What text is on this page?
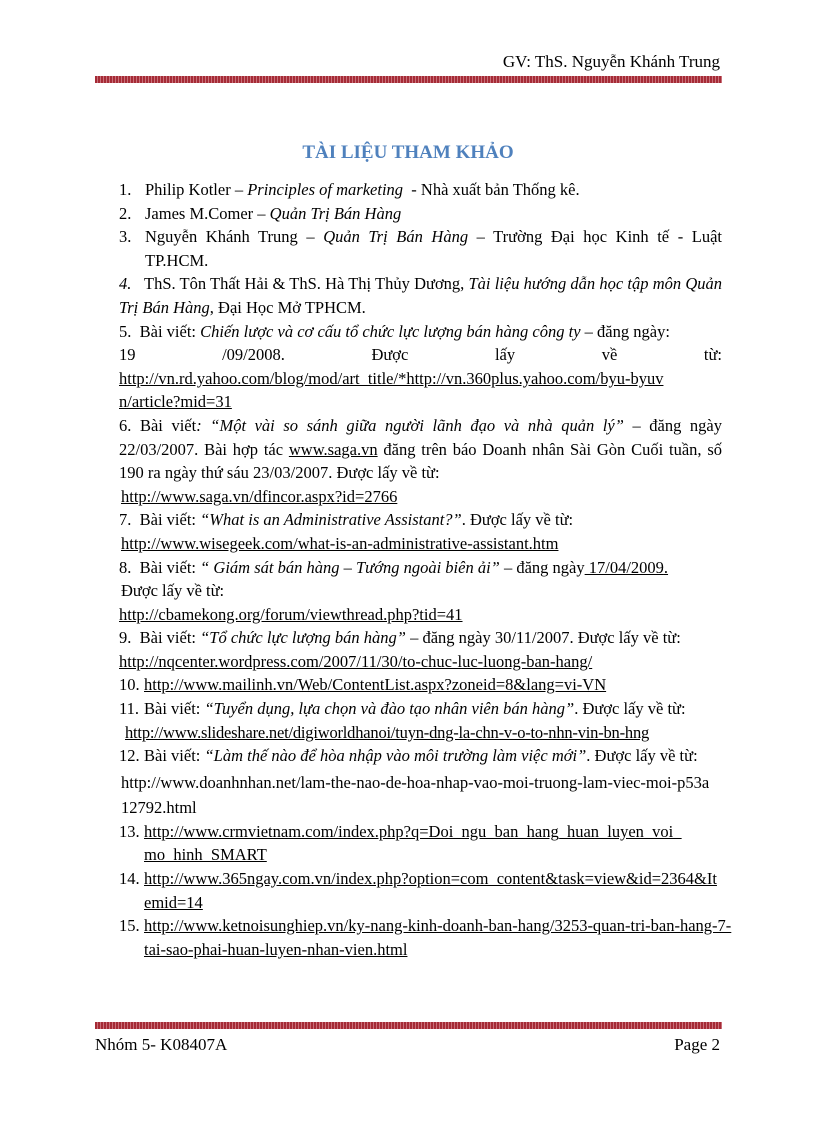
GV: ThS. Nguyễn Khánh Trung
TÀI LIỆU THAM KHẢO

1. Philip Kotler – Principles of marketing  - Nhà xuất bản Thống kê.

2. James M.Comer – Quản Trị Bán Hàng

3. Nguyễn Khánh Trung – Quản Trị Bán Hàng – Trường Đại học Kinh tế - Luật TP.HCM.

4. ThS. Tôn Thất Hải & ThS. Hà Thị Thủy Dương, Tài liệu hướng dẫn học tập môn Quản Trị Bán Hàng, Đại Học Mở TPHCM.

5. Bài viết: Chiến lược và cơ cấu tổ chức lực lượng bán hàng công ty – đăng ngày:

19	/09/2008.	Được	lấy	về	từ:

http://vn.rd.yahoo.com/blog/mod/art_title/*http://vn.360plus.yahoo.com/byu-byuvn/article?mid=31

6. Bài viết: “Một vài so sánh giữa người lãnh đạo và nhà quản lý” – đăng ngày 22/03/2007. Bài hợp tác www.saga.vn đăng trên báo Doanh nhân Sài Gòn Cuối tuần, số 190 ra ngày thứ sáu 23/03/2007. Được lấy về từ:

http://www.saga.vn/dfincor.aspx?id=2766

7. Bài viết: “What is an Administrative Assistant?”. Được lấy về từ:

http://www.wisegeek.com/what-is-an-administrative-assistant.htm

8. Bài viết: “ Giám sát bán hàng – Tướng ngoài biên ải” – đăng ngày 17/04/2009.

Được lấy về từ:

http://cbamekong.org/forum/viewthread.php?tid=41

9. Bài viết: “Tổ chức lực lượng bán hàng” – đăng ngày 30/11/2007. Được lấy về từ:

http://nqcenter.wordpress.com/2007/11/30/to-chuc-luc-luong-ban-hang/

10. http://www.mailinh.vn/Web/ContentList.aspx?zoneid=8&lang=vi-VN

11. Bài viết: “Tuyển dụng, lựa chọn và đào tạo nhân viên bán hàng”. Được lấy về từ:

http://www.slideshare.net/digiworldhanoi/tuyn-dng-la-chn-v-o-to-nhn-vin-bn-hng

12. Bài viết: “Làm thế nào để hòa nhập vào môi trường làm việc mới”. Được lấy về từ:

http://www.doanhnhan.net/lam-the-nao-de-hoa-nhap-vao-moi-truong-lam-viec-moi-p53a12792.html

13. http://www.crmvietnam.com/index.php?q=Doi_ngu_ban_hang_huan_luyen_voi_ mo_hinh_SMART

14. http://www.365ngay.com.vn/index.php?option=com_content&task=view&id=2364&Itemid=14

15. http://www.ketnoisunghiep.vn/ky-nang-kinh-doanh-ban-hang/3253-quan-tri-ban-hang-7-tai-sao-phai-huan-luyen-nhan-vien.html

Nhóm 5- K08407A	Page 2
